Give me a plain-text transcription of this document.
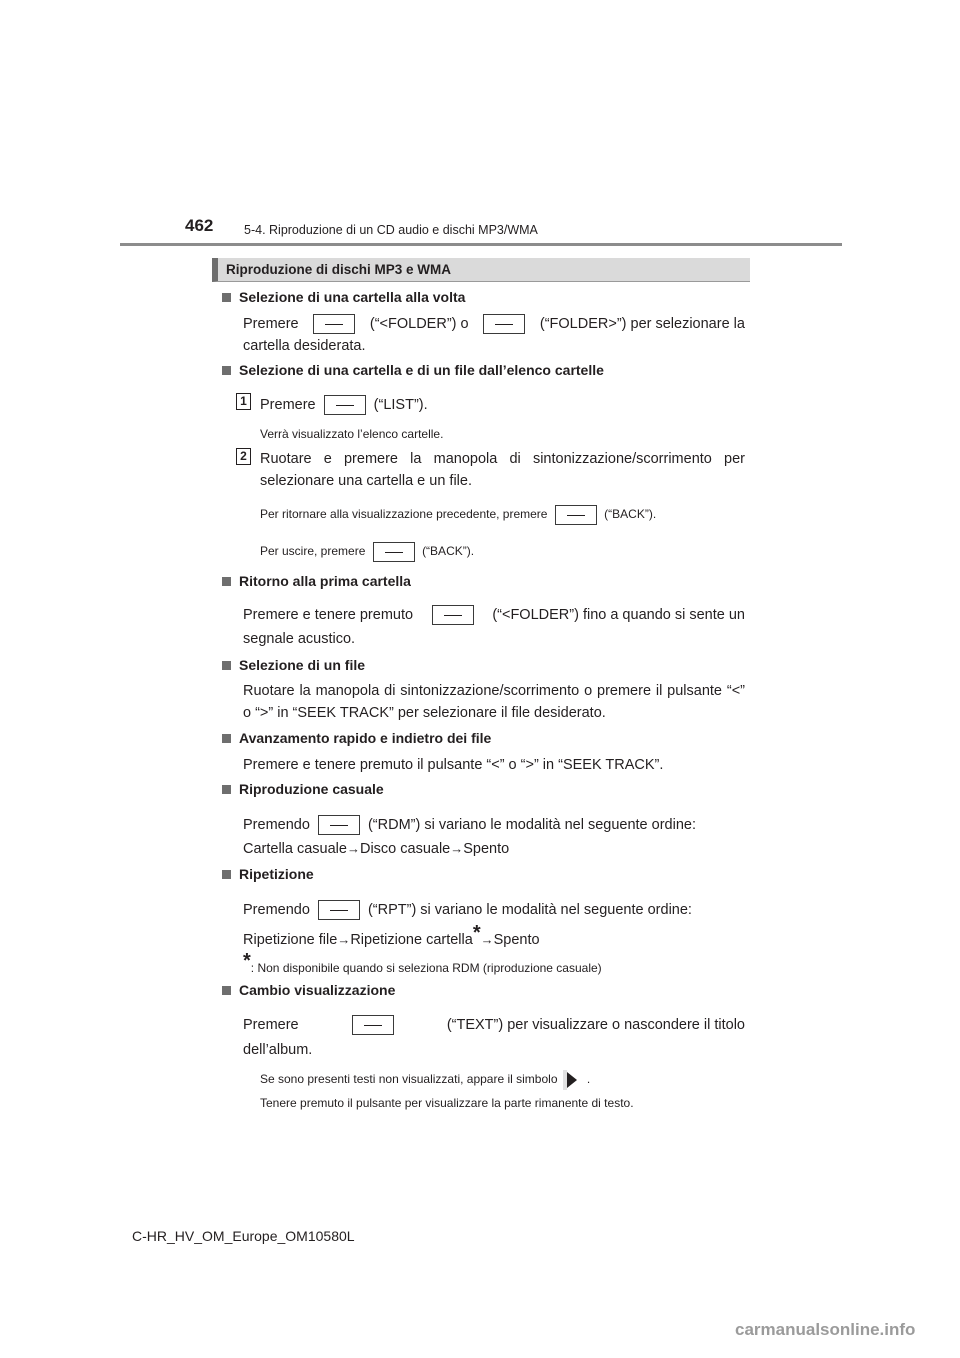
462 5-4. Riproduzione di un CD audio e dischi MP3/WMA
Riproduzione di dischi MP3 e WMA
Selezione di una cartella alla volta
Premere	(“<FOLDER”) o	(“FOLDER>”) per selezionare la
cartella desiderata.
Selezione di una cartella e di un file dall’elenco cartelle
1 Premere	(“LIST”).
Verrà visualizzato l’elenco cartelle.
2 Ruotare e premere la manopola di sintonizzazione/scorrimento per selezionare una cartella e un file.
Per ritornare alla visualizzazione precedente, premere	(“BACK”).
Per uscire, premere	(“BACK”).
Ritorno alla prima cartella
Premere e tenere premuto	(“<FOLDER”) fino a quando si sente un
segnale acustico.
Selezione di un file
Ruotare la manopola di sintonizzazione/scorrimento o premere il pulsante “<” o “>” in “SEEK TRACK” per selezionare il file desiderato.
Avanzamento rapido e indietro dei file
Premere e tenere premuto il pulsante “<” o “>” in “SEEK TRACK”.
Riproduzione casuale
Premendo	(“RDM”) si variano le modalità nel seguente ordine:
Cartella casuale→Disco casuale→Spento
Ripetizione
Premendo	(“RPT”) si variano le modalità nel seguente ordine:
Ripetizione file→Ripetizione cartella*→Spento
*: Non disponibile quando si seleziona RDM (riproduzione casuale)
Cambio visualizzazione
Premere	(“TEXT”) per visualizzare o nascondere il titolo
dell’album.
Se sono presenti testi non visualizzati, appare il simbolo .
Tenere premuto il pulsante per visualizzare la parte rimanente di testo.
C-HR_HV_OM_Europe_OM10580L
carmanualsonline.info
